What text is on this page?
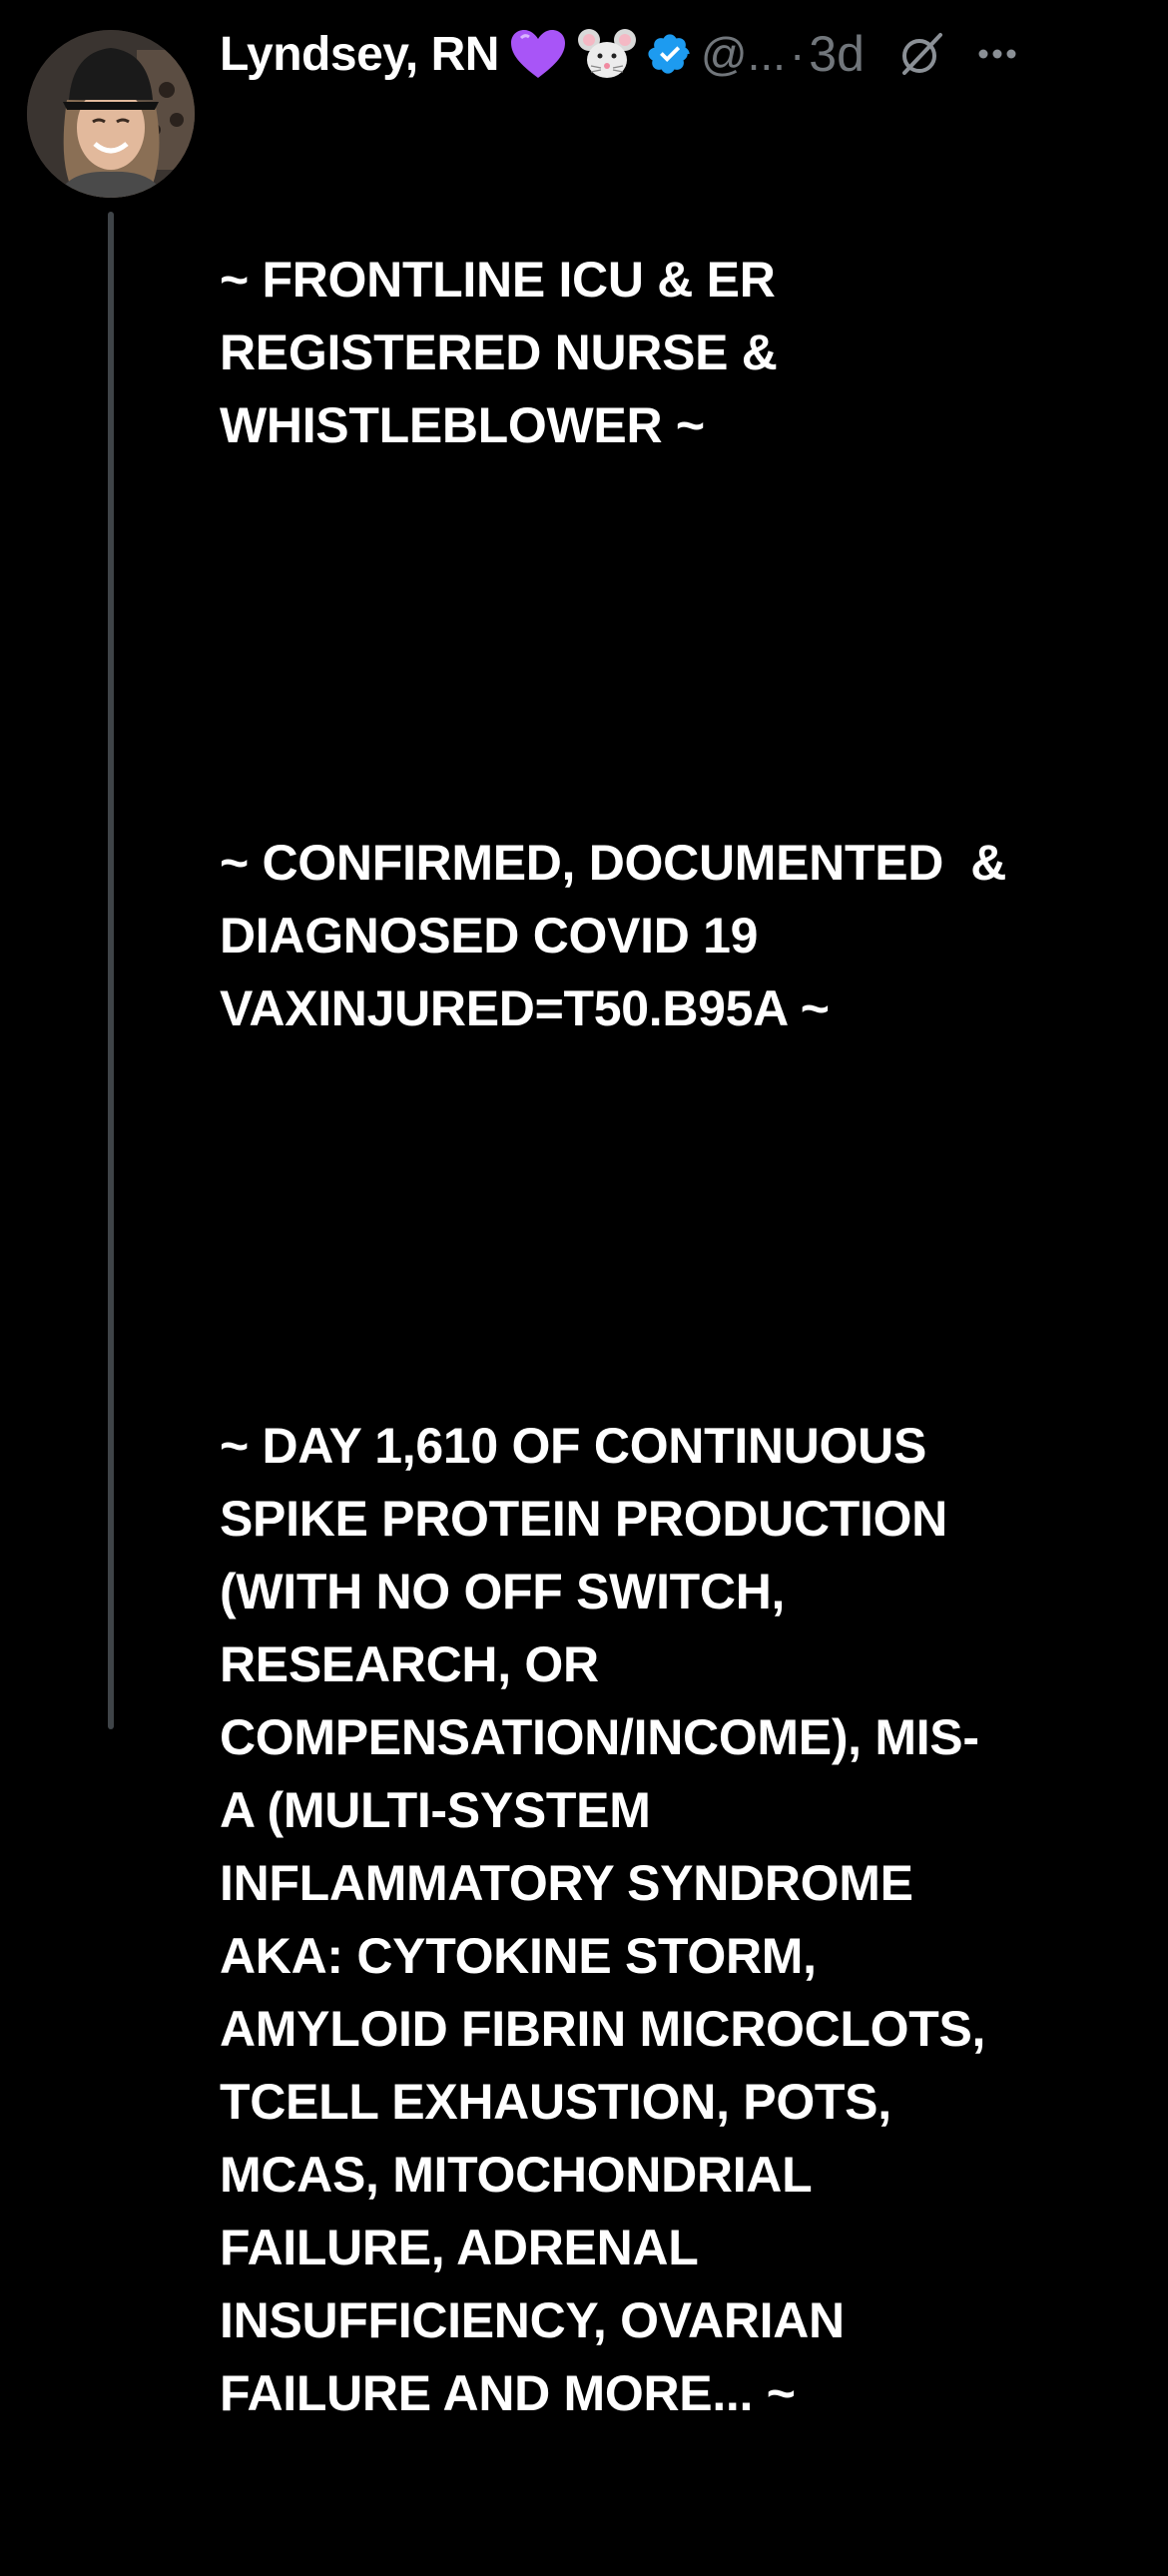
Lyndsey, RN	@... · 3d

~ FRONTLINE ICU & ER
REGISTERED NURSE &
WHISTLEBLOWER ~

~ CONFIRMED, DOCUMENTED  &
DIAGNOSED COVID 19
VAXINJURED=T50.B95A ~

~ DAY 1,610 OF CONTINUOUS
SPIKE PROTEIN PRODUCTION
(WITH NO OFF SWITCH,
RESEARCH, OR
COMPENSATION/INCOME), MIS-
A (MULTI-SYSTEM
INFLAMMATORY SYNDROME
AKA: CYTOKINE STORM,
AMYLOID FIBRIN MICROCLOTS,
TCELL EXHAUSTION, POTS,
MCAS, MITOCHONDRIAL
FAILURE, ADRENAL
INSUFFICIENCY, OVARIAN
FAILURE AND MORE... ~
